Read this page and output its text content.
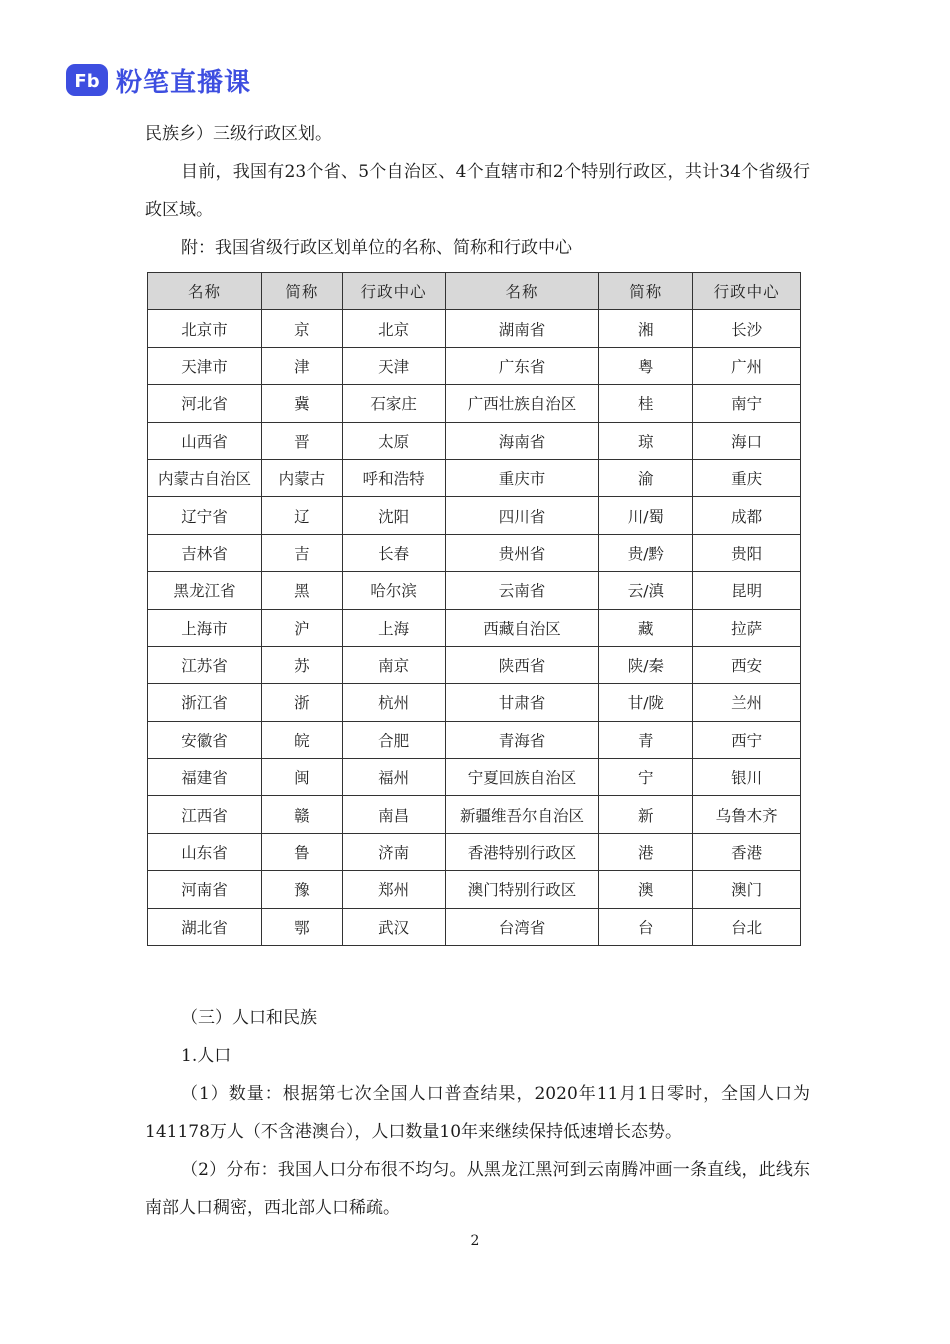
Fb 粉笔直播课

民族乡）三级行政区划。

目前，我国有23个省、5个自治区、4个直辖市和2个特别行政区，共计34个省级行政区域。

附：我国省级行政区划单位的名称、简称和行政中心

名称	简称	行政中心	名称	简称	行政中心
北京市	京	北京	湖南省	湘	长沙
天津市	津	天津	广东省	粤	广州
河北省	冀	石家庄	广西壮族自治区	桂	南宁
山西省	晋	太原	海南省	琼	海口
内蒙古自治区	内蒙古	呼和浩特	重庆市	渝	重庆
辽宁省	辽	沈阳	四川省	川/蜀	成都
吉林省	吉	长春	贵州省	贵/黔	贵阳
黑龙江省	黑	哈尔滨	云南省	云/滇	昆明
上海市	沪	上海	西藏自治区	藏	拉萨
江苏省	苏	南京	陕西省	陕/秦	西安
浙江省	浙	杭州	甘肃省	甘/陇	兰州
安徽省	皖	合肥	青海省	青	西宁
福建省	闽	福州	宁夏回族自治区	宁	银川
江西省	赣	南昌	新疆维吾尔自治区	新	乌鲁木齐
山东省	鲁	济南	香港特别行政区	港	香港
河南省	豫	郑州	澳门特别行政区	澳	澳门
湖北省	鄂	武汉	台湾省	台	台北

（三）人口和民族

1.人口

（1）数量：根据第七次全国人口普查结果，2020年11月1日零时，全国人口为141178万人（不含港澳台），人口数量10年来继续保持低速增长态势。

（2）分布：我国人口分布很不均匀。从黑龙江黑河到云南腾冲画一条直线，此线东南部人口稠密，西北部人口稀疏。

2
